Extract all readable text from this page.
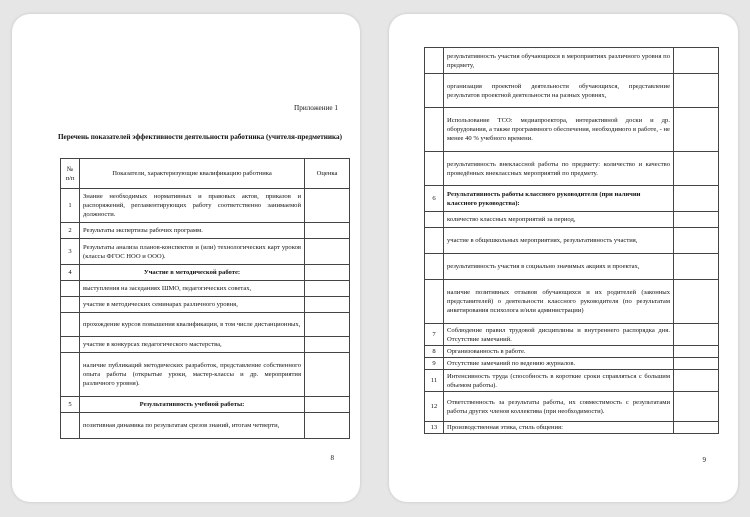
Приложение 1
Перечень показателей эффективности деятельности работника (учителя-предметника)
№ п/п	Показатели, характеризующие квалификацию работника	Оценка
1	Знание необходимых нормативных и правовых актов, приказов и распоряжений, регламентирующих работу соответственно занимаемой должности.	
2	Результаты экспертизы рабочих программ.	
3	Результаты анализа планов-конспектов и (или) технологических карт уроков (классы ФГОС НОО и ООО).	
4	Участие в методической работе:	
	выступления на заседаниях ШМО, педагогических советах,	
	участие в методических семинарах различного уровня,	
	прохождение курсов повышения квалификации, в том числе дистанционных,	
	участие в конкурсах педагогического мастерства,	
	наличие публикаций методических разработок, представление собственного опыта работы (открытые уроки, мастер-классы и др. мероприятия различного уровня).	
5	Результативность учебной работы:	
	позитивная динамика по результатам срезов знаний, итогам четверти,	
8
	результативность участия обучающихся в мероприятиях различного уровня по предмету,	
	организация проектной деятельности обучающихся, представление результатов проектной деятельности на разных уровнях,	
	Использование ТСО: медиапроектора, интерактивной доски и др. оборудования, а также программного обеспечения, необходимого в работе, - не менее 40 % учебного времени.	
	результативность внеклассной работы по предмету: количество и качество проведённых внеклассных мероприятий по предмету.	
6	Результативность работы классного руководителя (при наличии классного руководства):	
	количество классных мероприятий за период,	
	участие в общешкольных мероприятиях, результативность участия,	
	результативность участия в социально значимых акциях и проектах,	
	наличие позитивных отзывов обучающихся и их родителей (законных представителей) о деятельности классного руководителя (по результатам анкетирования психолога и/или администрации)	
7	Соблюдение правил трудовой дисциплины и внутреннего распорядка дня. Отсутствие замечаний.	
8	Организованность в работе.	
9	Отсутствие замечаний по ведению журналов.	
11	Интенсивность труда (способность в короткие сроки справляться с большим объемом работы).	
12	Ответственность за результаты работы, их совместимость с результатами работы других членов коллектива (при необходимости).	
13	Производственная этика, стиль общения:	
9
